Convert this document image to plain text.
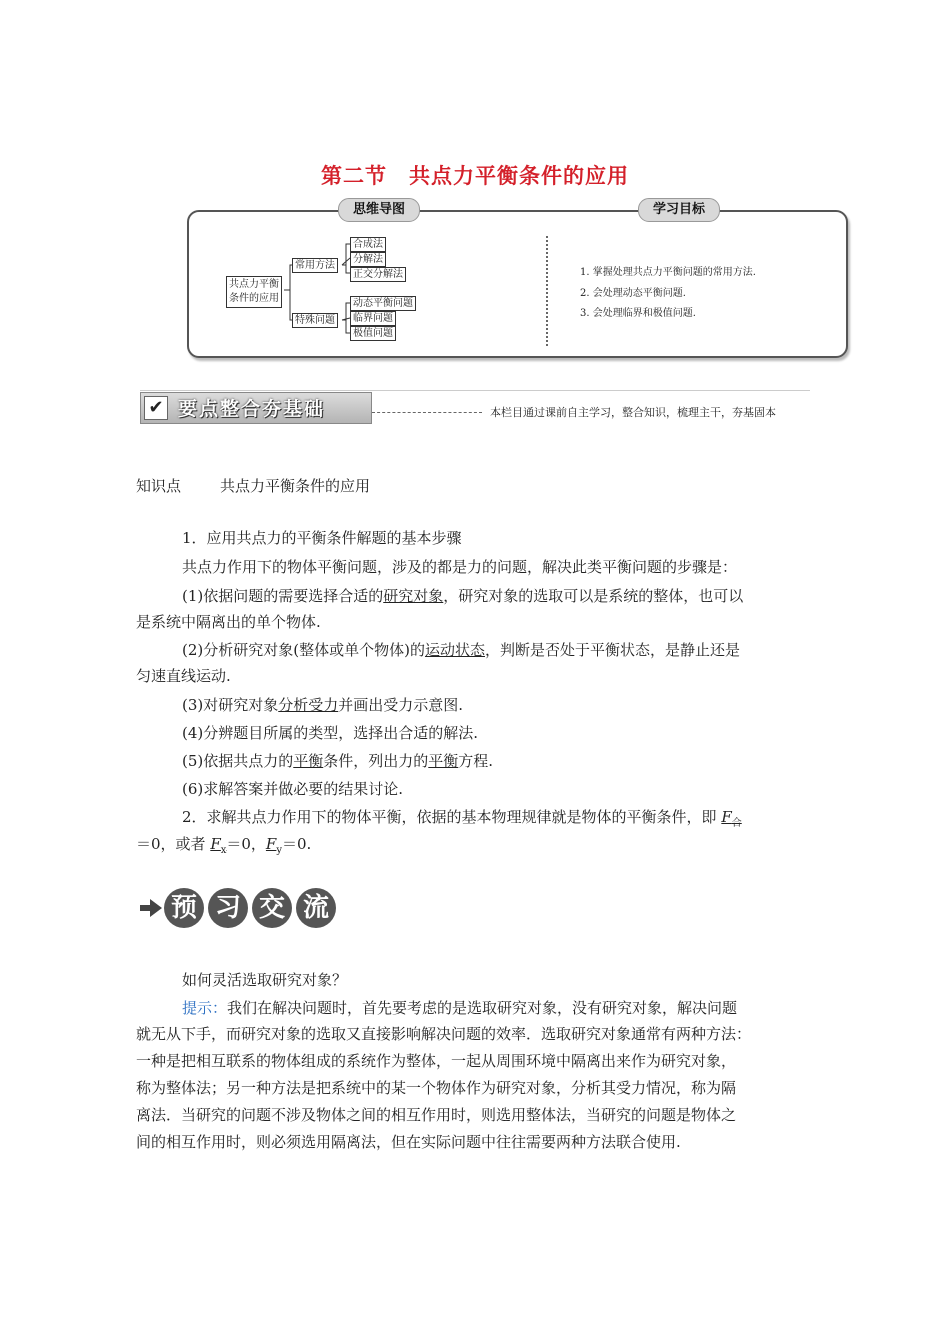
第二节　共点力平衡条件的应用
思维导图	学习目标
共点力平衡
条件的应用
常用方法
特殊问题
合成法
分解法
正交分解法
动态平衡问题
临界问题
极值问题
1. 掌握处理共点力平衡问题的常用方法.
2. 会处理动态平衡问题.
3. 会处理临界和极值问题.
✔ 要点整合夯基础	本栏目通过课前自主学习，整合知识，梳理主干，夯基固本
知识点	共点力平衡条件的应用
1．应用共点力的平衡条件解题的基本步骤
共点力作用下的物体平衡问题，涉及的都是力的问题，解决此类平衡问题的步骤是：
(1)依据问题的需要选择合适的研究对象，研究对象的选取可以是系统的整体，也可以
是系统中隔离出的单个物体.
(2)分析研究对象(整体或单个物体)的运动状态，判断是否处于平衡状态，是静止还是
匀速直线运动.
(3)对研究对象分析受力并画出受力示意图.
(4)分辨题目所属的类型，选择出合适的解法.
(5)依据共点力的平衡条件，列出力的平衡方程.
(6)求解答案并做必要的结果讨论.
2．求解共点力作用下的物体平衡，依据的基本物理规律就是物体的平衡条件，即 $F_合$
＝0，或者 $F_x=0$，$F_y=0$.
预 习 交 流
如何灵活选取研究对象？
提示：我们在解决问题时，首先要考虑的是选取研究对象，没有研究对象，解决问题
就无从下手，而研究对象的选取又直接影响解决问题的效率．选取研究对象通常有两种方法：
一种是把相互联系的物体组成的系统作为整体，一起从周围环境中隔离出来作为研究对象，
称为整体法；另一种方法是把系统中的某一个物体作为研究对象，分析其受力情况，称为隔
离法．当研究的问题不涉及物体之间的相互作用时，则选用整体法，当研究的问题是物体之
间的相互作用时，则必须选用隔离法，但在实际问题中往往需要两种方法联合使用.
